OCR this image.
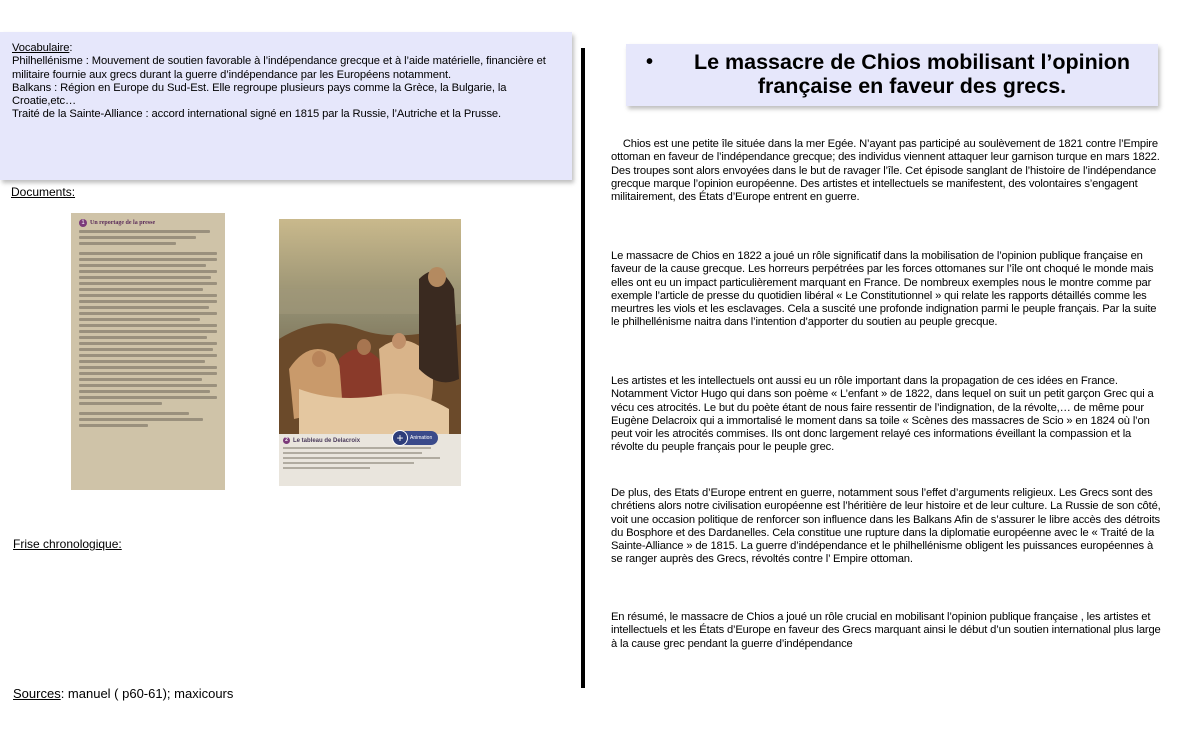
Vocabulaire:

Philhellénisme : Mouvement de soutien favorable à l’indépendance grecque et à l’aide matérielle, financière et militaire fournie aux grecs durant la guerre d’indépendance par les Européens notamment.

Balkans : Région en Europe du Sud-Est. Elle regroupe plusieurs pays comme la Grèce, la Bulgarie, la Croatie,etc…

Traité de la Sainte-Alliance : accord international signé en 1815 par la Russie, l’Autriche et la Prusse.

Documents:
1 Un reportage de la presse
2 Le tableau de Delacroix	+	Animation
Frise chronologique:
Sources: manuel ( p60-61); maxicours
• Le massacre de Chios mobilisant l’opinion française en faveur des grecs.

Chios est une petite île située dans la mer Egée. N’ayant pas participé au soulèvement de 1821 contre l’Empire ottoman en faveur de l’indépendance grecque; des individus viennent attaquer leur garnison turque en mars 1822. Des troupes sont alors envoyées dans le but de ravager l’île. Cet épisode sanglant de l’histoire de l’indépendance grecque marque l’opinion européenne. Des artistes et intellectuels se manifestent, des volontaires s’engagent militairement, des États d’Europe entrent en guerre.

Le massacre de Chios en 1822 a joué un rôle significatif dans la mobilisation de l’opinion publique française en faveur de la cause grecque. Les horreurs perpétrées par les forces ottomanes sur l’île ont choqué le monde mais elles ont eu un impact particulièrement marquant en France. De nombreux exemples nous le montre comme par exemple l’article de presse du quotidien libéral « Le Constitutionnel » qui relate les rapports détaillés comme les meurtres les viols et les esclavages. Cela a suscité une profonde indignation parmi le peuple français. Par la suite le philhellénisme naitra dans l’intention d’apporter du soutien au peuple grecque.

Les artistes et les intellectuels ont aussi eu un rôle important dans la propagation de ces idées en France. Notamment Victor Hugo qui dans son poème « L’enfant » de 1822, dans lequel on suit un petit garçon Grec qui a vécu ces atrocités. Le but du poète étant de nous faire ressentir de l’indignation, de la révolte,… de même pour Eugène Delacroix qui a immortalisé le moment dans sa toile « Scènes des massacres de Scio » en 1824 où l’on peut voir les atrocités commises. Ils ont donc largement relayé ces informations éveillant la compassion et la révolte du peuple français pour le peuple grec.

De plus, des Etats d’Europe entrent en guerre, notamment sous l’effet d’arguments religieux. Les Grecs sont des chrétiens alors notre civilisation européenne est l’héritière de leur histoire et de leur culture. La Russie de son côté, voit une occasion politique de renforcer son influence dans les Balkans Afin de s’assurer le libre accès des détroits du Bosphore et des Dardanelles. Cela constitue une rupture dans la diplomatie européenne avec le « Traité de la Sainte-Alliance » de 1815. La guerre d’indépendance et le philhellénisme obligent les puissances européennes à se ranger auprès des Grecs, révoltés contre l’ Empire ottoman.

En résumé, le massacre de Chios a joué un rôle crucial en mobilisant l’opinion publique française , les artistes et intellectuels et les États d’Europe en faveur des Grecs marquant ainsi le début d’un soutien international plus large à la cause grec pendant la guerre d’indépendance
